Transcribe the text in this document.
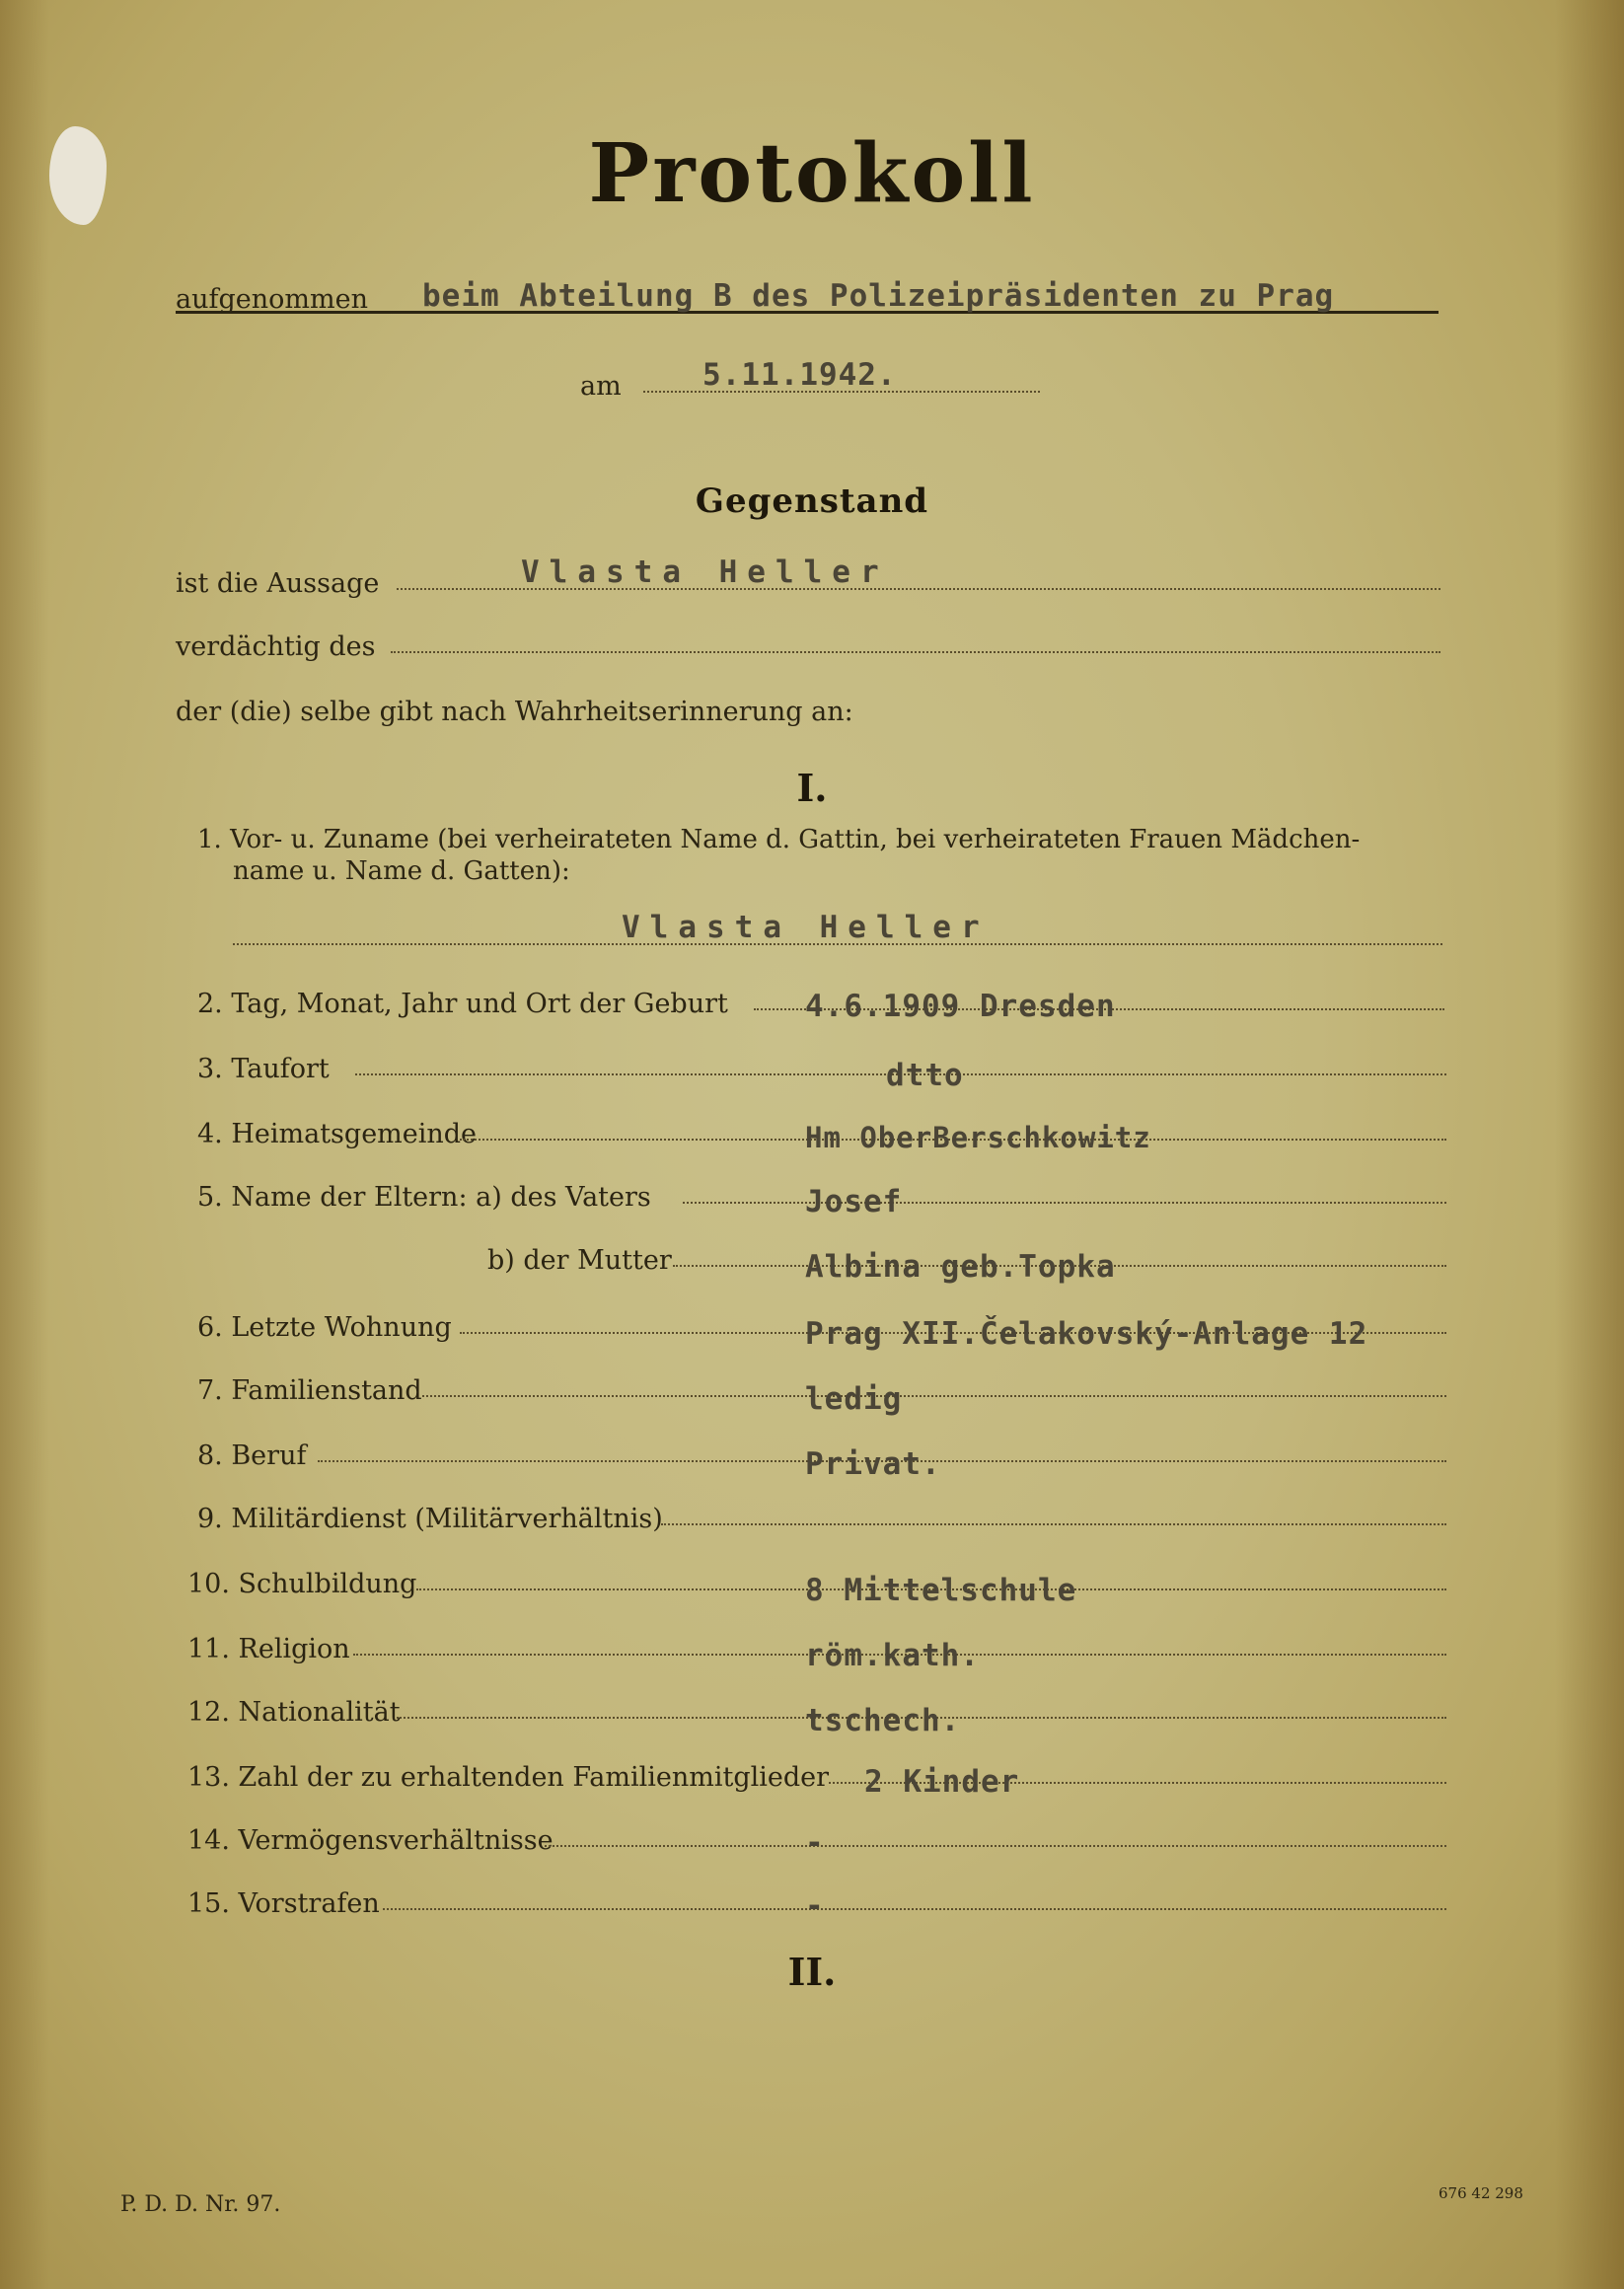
Protokoll
aufgenommen beim Abteilung B des Polizeipräsidenten zu Prag
am	5.11.1942.
Gegenstand
ist die Aussage	Vlasta Heller
verdächtig des
der (die) selbe gibt nach Wahrheitserinnerung an:
I.
1. Vor- u. Zuname (bei verheirateten Name d. Gattin, bei verheirateten Frauen Mädchen-
name u. Name d. Gatten):
Vlasta Heller
2. Tag, Monat, Jahr und Ort der Geburt	4.6.1909 Dresden
3. Taufort	dtto
4. Heimatsgemeinde	Hm OberBerschkowitz
5. Name der Eltern: a) des Vaters	Josef
b) der Mutter	Albina geb.Topka
6. Letzte Wohnung	Prag XII.Čelakovský-Anlage 12
7. Familienstand	ledig
8. Beruf	Privat.
9. Militärdienst (Militärverhältnis)
10. Schulbildung	8 Mittelschule
11. Religion	röm.kath.
12. Nationalität	tschech.
13. Zahl der zu erhaltenden Familienmitglieder 2 Kinder
14. Vermögensverhältnisse	-
15. Vorstrafen	-
II.
P. D. D. Nr. 97.	676 42 298
